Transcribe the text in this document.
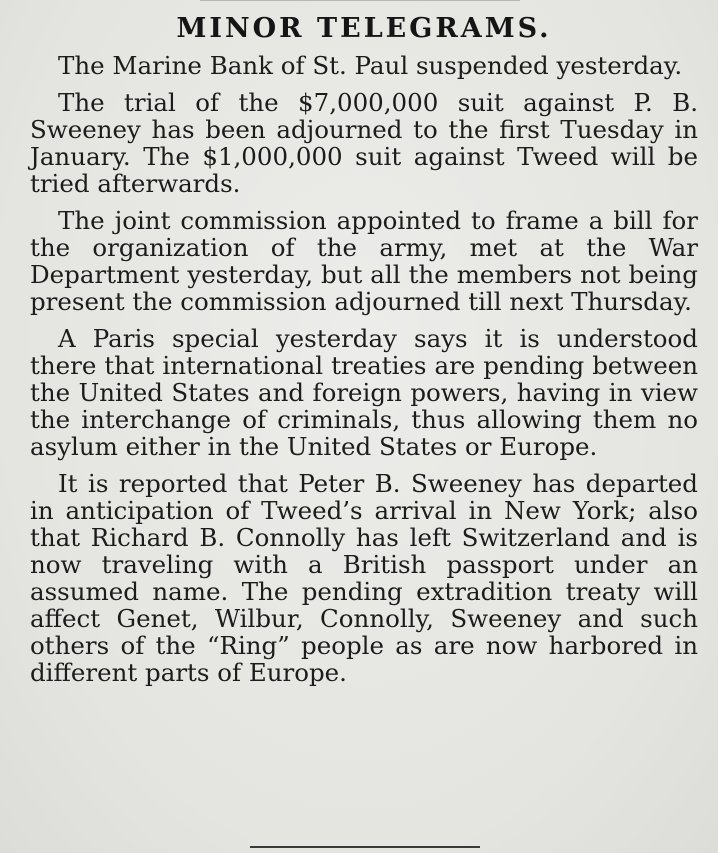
MINOR TELEGRAMS.

The Marine Bank of St. Paul suspended yesterday.

The trial of the $7,000,000 suit against P. B. Sweeney has been adjourned to the first Tuesday in January. The $1,000,000 suit against Tweed will be tried afterwards.

The joint commission appointed to frame a bill for the organization of the army, met at the War Department yesterday, but all the members not being present the commission adjourned till next Thursday.

A Paris special yesterday says it is understood there that international treaties are pending between the United States and foreign powers, having in view the interchange of criminals, thus allowing them no asylum either in the United States or Europe.

It is reported that Peter B. Sweeney has departed in anticipation of Tweed’s arrival in New York; also that Richard B. Connolly has left Switzerland and is now traveling with a British passport under an assumed name. The pending extradition treaty will affect Genet, Wilbur, Connolly, Sweeney and such others of the “Ring” people as are now harbored in different parts of Europe.
